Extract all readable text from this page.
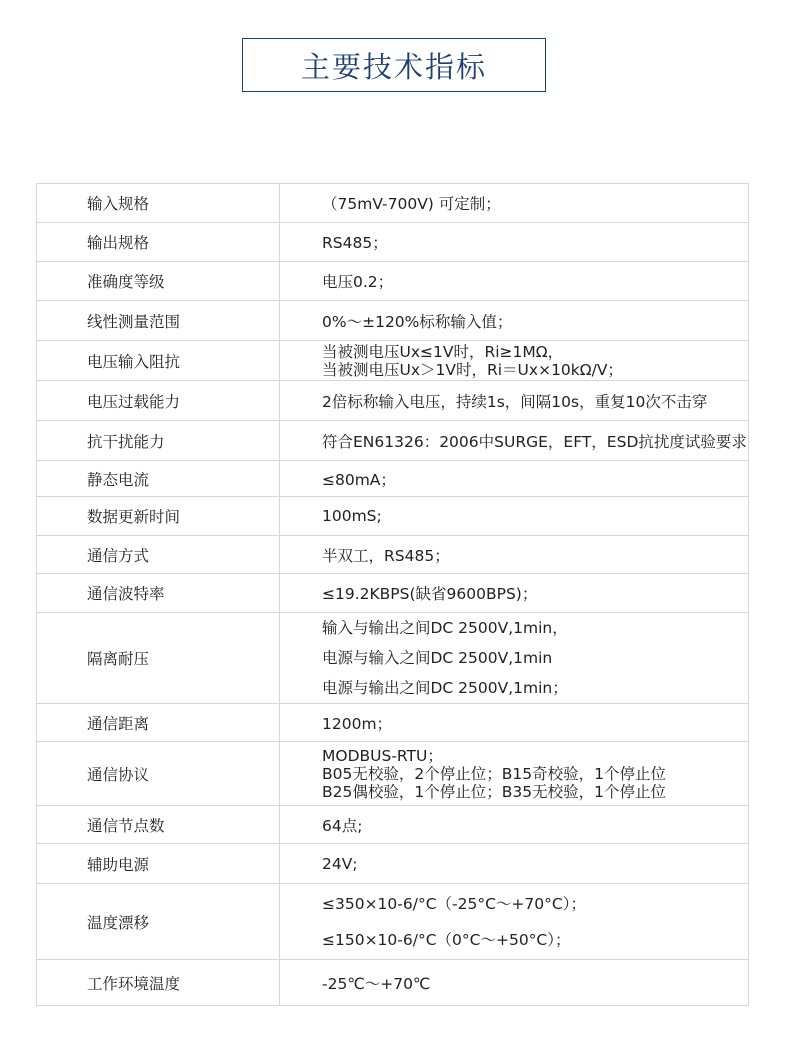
主要技术指标
输入规格	（75mV-700V) 可定制；

输出规格	RS485；

准确度等级	电压0.2；

线性测量范围	0%～±120%标称输入值；

电压输入阻抗	当被测电压Ux≤1V时，Ri≥1MΩ，
当被测电压Ux＞1V时，Ri＝Ux×10kΩ/V；

电压过载能力	2倍标称输入电压，持续1s，间隔10s，重复10次不击穿

抗干扰能力	符合EN61326：2006中SURGE，EFT，ESD抗扰度试验要求

静态电流	≤80mA；

数据更新时间	100mS;

通信方式	半双工，RS485；

通信波特率	≤19.2KBPS(缺省9600BPS)；

隔离耐压	输入与输出之间DC 2500V,1min，
电源与输入之间DC 2500V,1min
电源与输出之间DC 2500V,1min；

通信距离	1200m；

通信协议	MODBUS-RTU；
B05无校验，2个停止位；B15奇校验，1个停止位
B25偶校验，1个停止位；B35无校验，1个停止位

通信节点数	64点;

辅助电源	24V;

温度漂移	≤350×10-6/°C（-25°C～+70°C）；
≤150×10-6/°C（0°C～+50°C）；

工作环境温度	-25℃～+70℃
